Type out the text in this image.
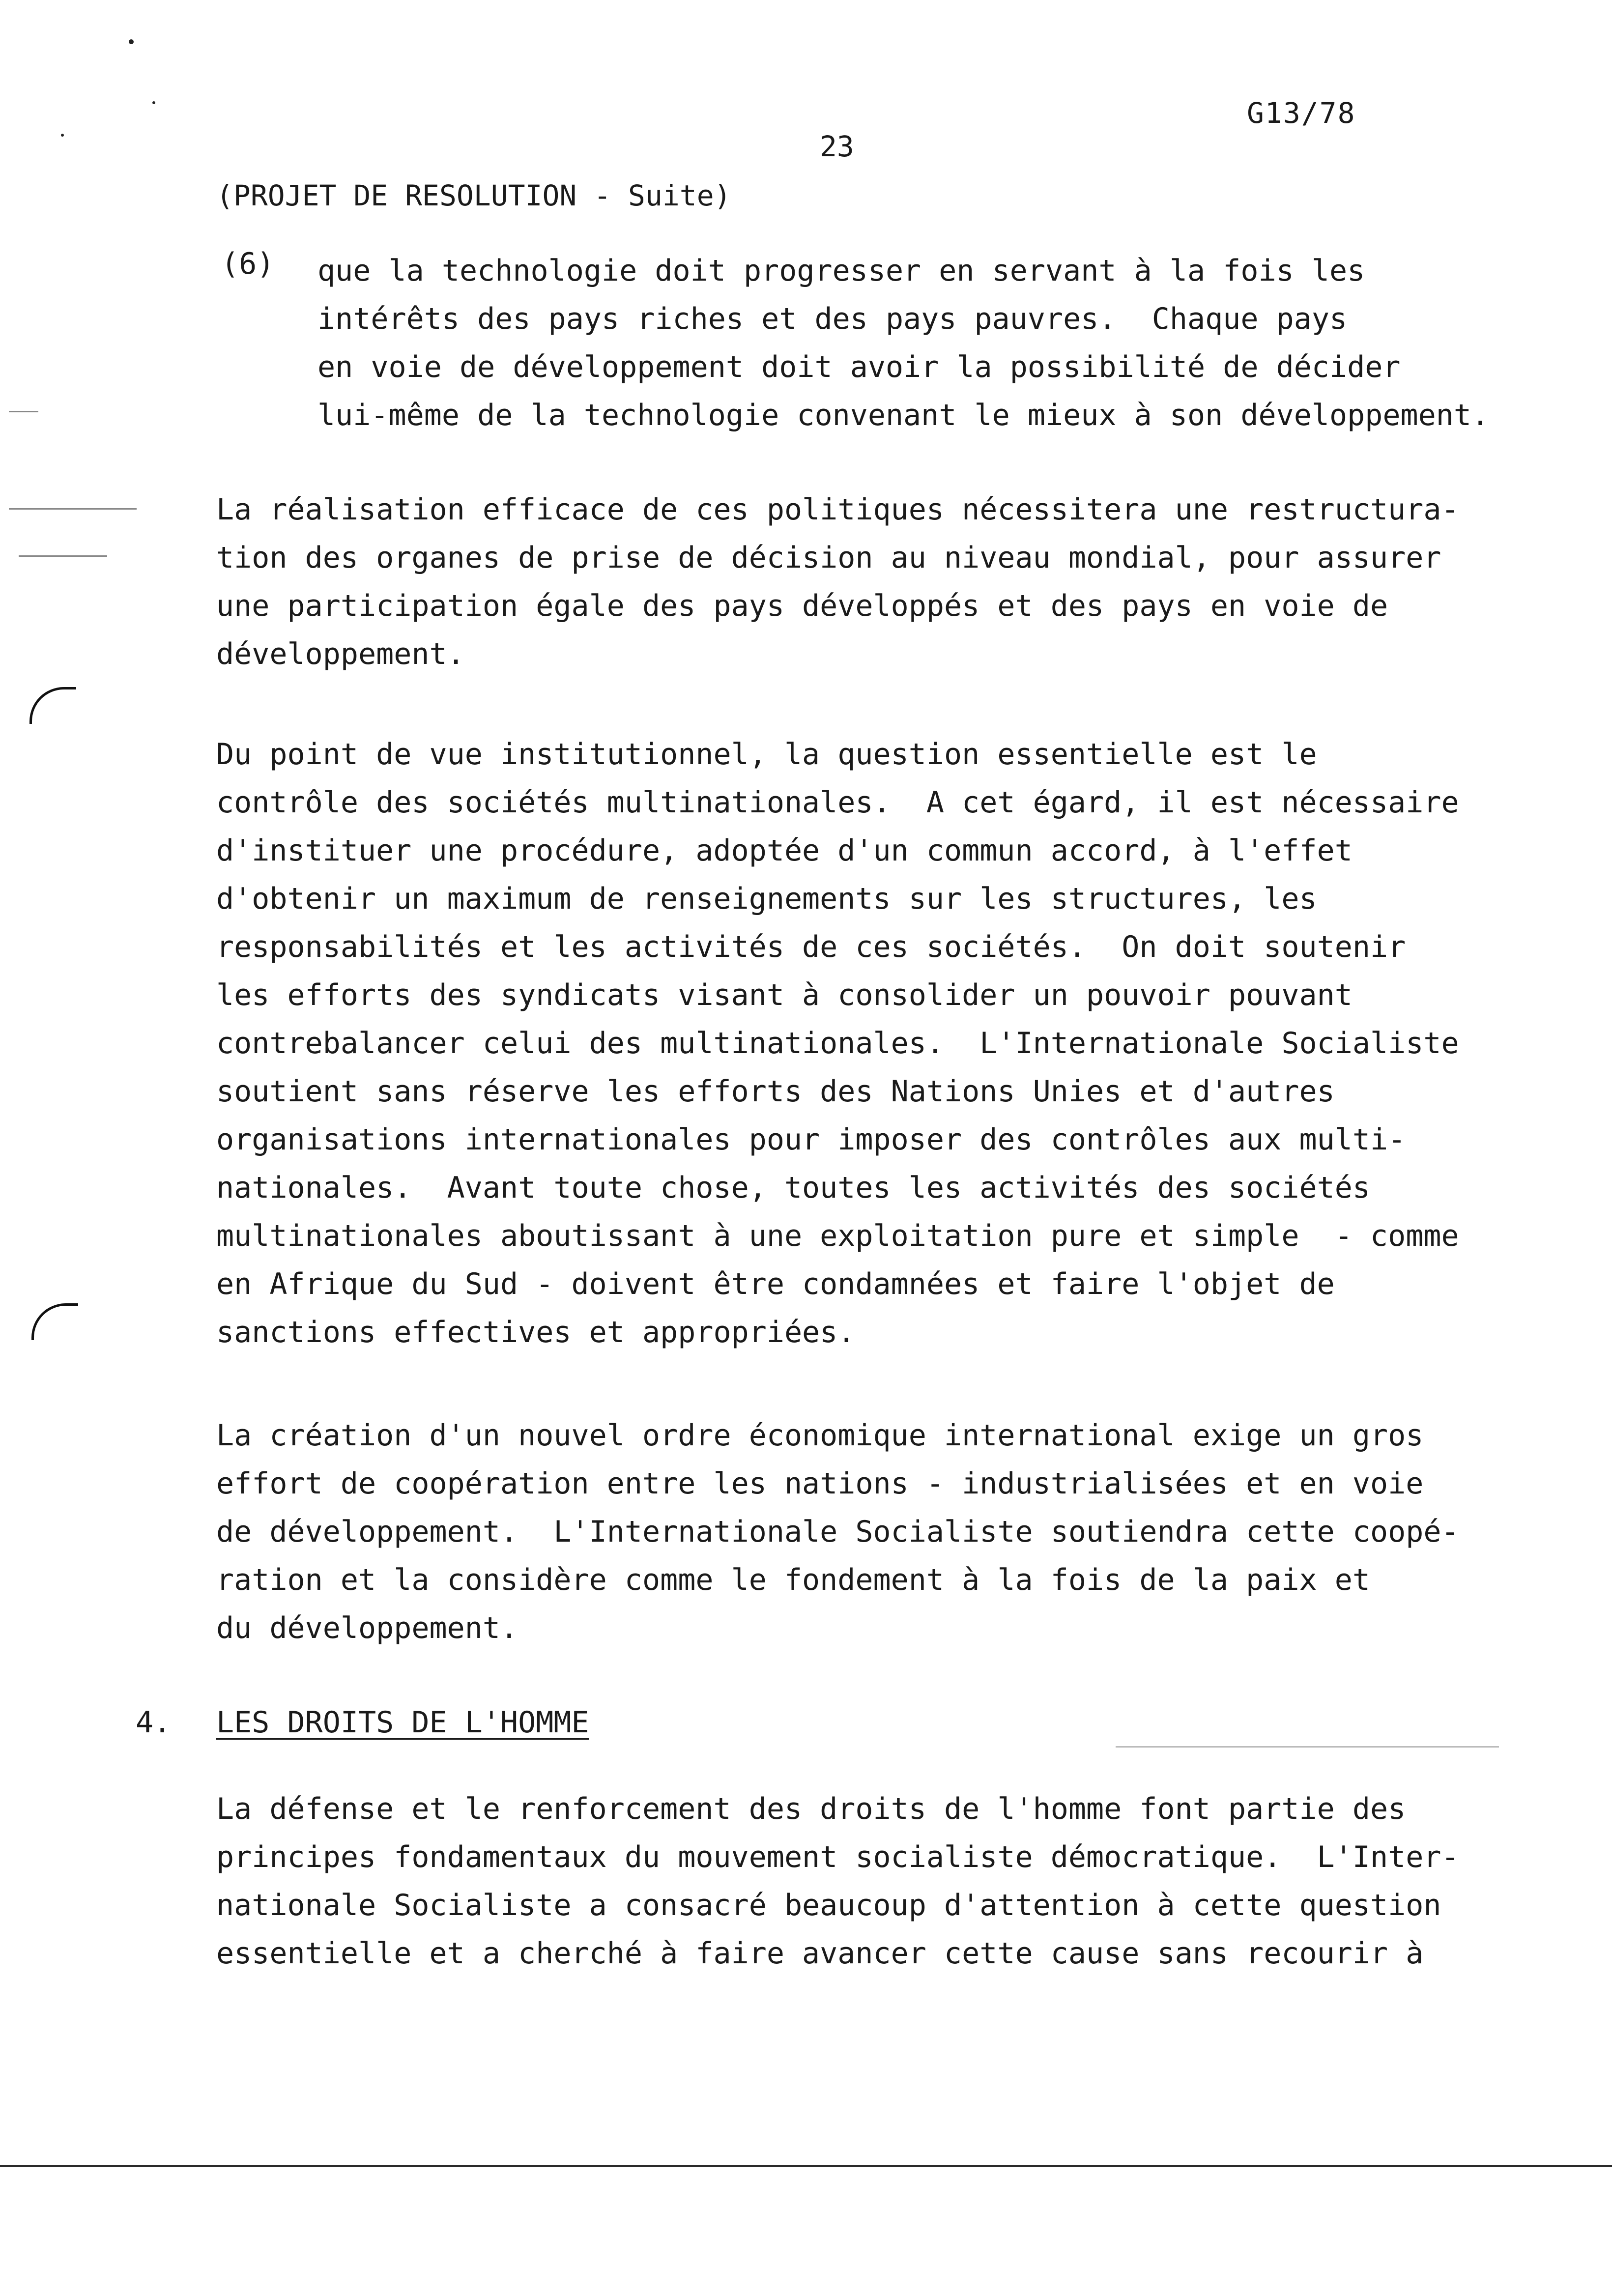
G13/78
23
(PROJET DE RESOLUTION - Suite)
(6) que la technologie doit progresser en servant à la fois les
intérêts des pays riches et des pays pauvres.  Chaque pays
en voie de développement doit avoir la possibilité de décider
lui-même de la technologie convenant le mieux à son développement.
La réalisation efficace de ces politiques nécessitera une restructura-
tion des organes de prise de décision au niveau mondial, pour assurer
une participation égale des pays développés et des pays en voie de
développement.
Du point de vue institutionnel, la question essentielle est le
contrôle des sociétés multinationales.  A cet égard, il est nécessaire
d'instituer une procédure, adoptée d'un commun accord, à l'effet
d'obtenir un maximum de renseignements sur les structures, les
responsabilités et les activités de ces sociétés.  On doit soutenir
les efforts des syndicats visant à consolider un pouvoir pouvant
contrebalancer celui des multinationales.  L'Internationale Socialiste
soutient sans réserve les efforts des Nations Unies et d'autres
organisations internationales pour imposer des contrôles aux multi-
nationales.  Avant toute chose, toutes les activités des sociétés
multinationales aboutissant à une exploitation pure et simple  - comme
en Afrique du Sud - doivent être condamnées et faire l'objet de
sanctions effectives et appropriées.
La création d'un nouvel ordre économique international exige un gros
effort de coopération entre les nations - industrialisées et en voie
de développement.  L'Internationale Socialiste soutiendra cette coopé-
ration et la considère comme le fondement à la fois de la paix et
du développement.
4. LES DROITS DE L'HOMME
La défense et le renforcement des droits de l'homme font partie des
principes fondamentaux du mouvement socialiste démocratique.  L'Inter-
nationale Socialiste a consacré beaucoup d'attention à cette question
essentielle et a cherché à faire avancer cette cause sans recourir à
